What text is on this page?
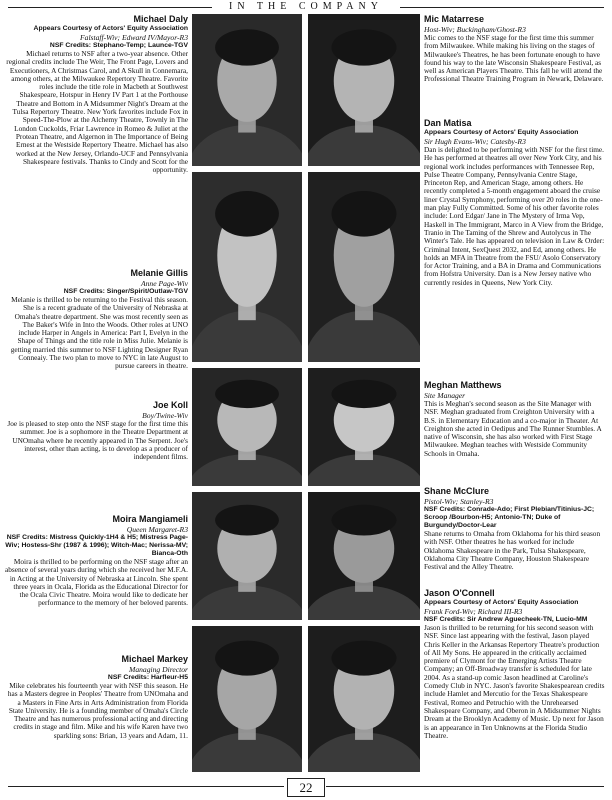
IN THE COMPANY
Michael Daly
Appears Courtesy of Actors' Equity Association
Falstaff-Wiv; Edward IV/Mayor-R3
NSF Credits: Stephano-Temp; Launce-TGV
Michael returns to NSF after a two-year absence. Other regional credits include The Weir, The Front Page, Lovers and Executioners, A Christmas Carol, and A Skull in Connemara, among others, at the Milwaukee Repertory Theatre. Favorite roles include the title role in Macbeth at Southwest Shakespeare, Hotspur in Henry IV Part 1 at the Porthouse Theatre and Bottom in A Midsummer Night's Dream at the Tulsa Repertory Theatre. New York favorites include Fox in Speed-The-Plow at the Alchemy Theatre, Townly in The London Cuckolds, Friar Lawrence in Romeo & Juliet at the Protean Theatre, and Algernon in The Importance of Being Ernest at the Westside Repertory Theatre. Michael has also worked at the New Jersey, Orlando-UCF and Pennsylvania Shakespeare festivals. Thanks to Cindy and Scott for the opportunity.
Melanie Gillis
Anne Page-Wiv
NSF Credits: Singer/Spirit/Outlaw-TGV
Melanie is thrilled to be returning to the Festival this season. She is a recent graduate of the University of Nebraska at Omaha's theatre department. She was most recently seen as The Baker's Wife in Into the Woods. Other roles at UNO include Harper in Angels in America: Part I, Evelyn in the Shape of Things and the title role in Miss Julie. Melanie is getting married this summer to NSF Lighting Designer Ryan Conneaiy. The two plan to move to NYC in late August to pursue careers in theatre.
Joe Koll
Boy/Twine-Wiv
Joe is pleased to step onto the NSF stage for the first time this summer. Joe is a sophomore in the Theatre Department at UNOmaha where he recently appeared in The Serpent. Joe's interest, other than acting, is to develop as a producer of independent films.
Moira Mangiameli
Queen Margaret-R3
NSF Credits: Mistress Quickly-1H4 & H5; Mistress Page-Wiv; Hostess-Shr (1987 & 1996); Witch-Mac; Nerissa-MV; Bianca-Oth
Moira is thrilled to be performing on the NSF stage after an absence of several years during which she received her M.F.A. in Acting at the University of Nebraska at Lincoln. She spent three years in Ocala, Florida as the Educational Director for the Ocala Civic Theatre. Moira would like to dedicate her performance to the memory of her beloved parents.
Michael Markey
Managing Director
NSF Credits: Harfleur-H5
Mike celebrates his fourteenth year with NSF this season. He has a Masters degree in Peoples' Theatre from UNOmaha and a Masters in Fine Arts in Arts Administration from Florida State University. He is a founding member of Omaha's Circle Theatre and has numerous professional acting and directing credits in stage and film. Mike and his wife Karen have two sparkling sons: Brian, 13 years and Adam, 11.
Mic Matarrese
Host-Wiv; Buckingham/Ghost-R3
Mic comes to the NSF stage for the first time this summer from Milwaukee. While making his living on the stages of Milwaukee's Theatres, he has been fortunate enough to have found his way to the late Wisconsin Shakespeare Festival, as well as American Players Theatre. This fall he will attend the Professional Theatre Training Program in Newark, Delaware.
Dan Matisa
Appears Courtesy of Actors' Equity Association
Sir Hugh Evans-Wiv; Catesby-R3
Dan is delighted to be performing with NSF for the first time. He has performed at theatres all over New York City, and his regional work includes performances with Tennessee Rep, Pulse Theatre Company, Pennsylvania Centre Stage, Princeton Rep, and American Stage, among others. He recently completed a 5-month engagement aboard the cruise liner Crystal Symphony, performing over 20 roles in the one-man play Fully Committed. Some of his other favorite roles include: Lord Edgar/ Jane in The Mystery of Irma Vep, Haskell in The Immigrant, Marco in A View from the Bridge, Tranio in The Taming of the Shrew and Autolycus in The Winter's Tale. He has appeared on television in Law & Order: Criminal Intent, SexQuest 2032, and Ed, among others. He holds an MFA in Theatre from the FSU/ Asolo Conservatory for Actor Training, and a BA in Drama and Communications from Hofstra University. Dan is a New Jersey native who currently resides in Queens, New York City.
Meghan Matthews
Site Manager
This is Meghan's second season as the Site Manager with NSF. Meghan graduated from Creighton University with a B.S. in Elementary Education and a co-major in Theater. At Creighton she acted in Oedipus and The Runner Stumbles. A native of Wisconsin, she has also worked with First Stage Milwaukee. Meghan teaches with Westside Community Schools in Omaha.
Shane McClure
Pistol-Wiv; Stanley-R3
NSF Credits: Conrade-Ado; First Plebian/Titinius-JC; Scroop /Bourbon-H5; Antonio-TN; Duke of Burgundy/Doctor-Lear
Shane returns to Omaha from Oklahoma for his third season with NSF. Other theatres he has worked for include Oklahoma Shakespeare in the Park, Tulsa Shakespeare, Oklahoma City Theatre Company, Houston Shakespeare Festival and the Alley Theatre.
Jason O'Connell
Appears Courtesy of Actors' Equity Association
Frank Ford-Wiv; Richard III-R3
NSF Credits: Sir Andrew Aguecheek-TN, Lucio-MM
Jason is thrilled to be returning for his second season with NSF. Since last appearing with the festival, Jason played Chris Keller in the Arkansas Repertory Theatre's production of All My Sons. He appeared in the critically acclaimed premiere of Clymont for the Emerging Artists Theatre Company; an Off-Broadway transfer is scheduled for late 2004. As a stand-up comic Jason headlined at Caroline's Comedy Club in NYC. Jason's favorite Shakespearean credits include Hamlet and Mercutio for the Texas Shakespeare Festival, Romeo and Petruchio with the Unrehearsed Shakespeare Company, and Oberon in A Midsummer Nights Dream at the Brooklyn Academy of Music. Up next for Jason is an appearance in Ten Unknowns at the Florida Studio Theatre.
22
